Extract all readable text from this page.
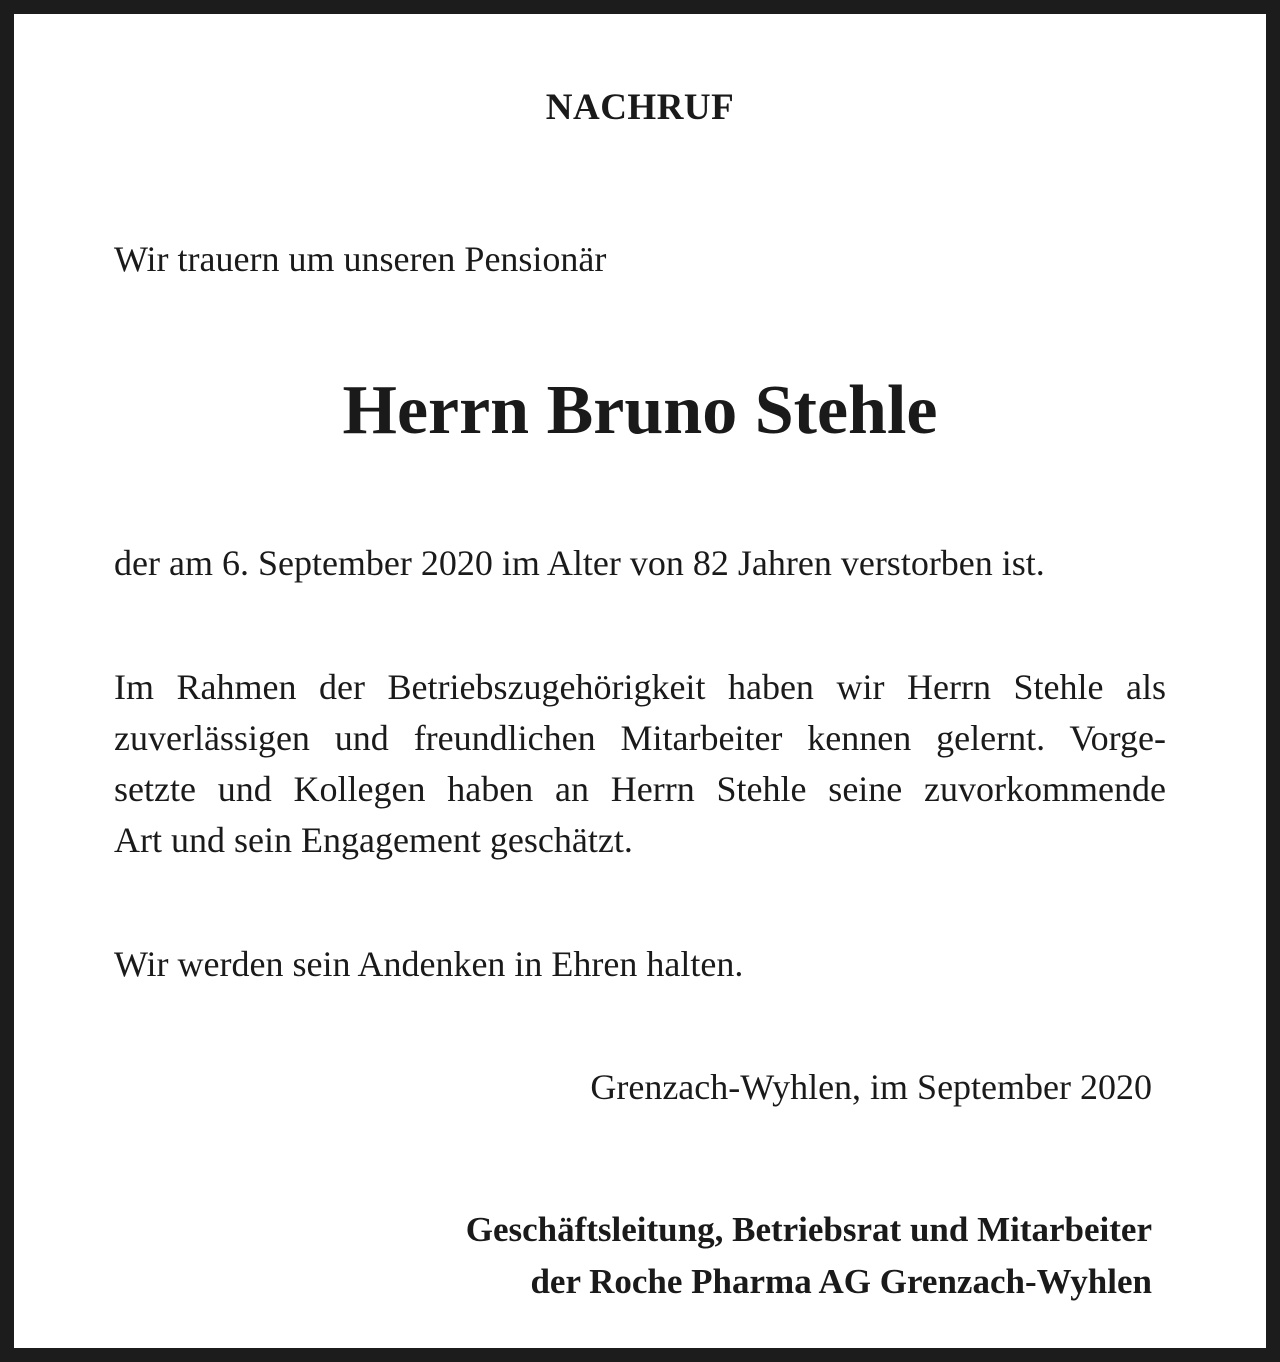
NACHRUF

Wir trauern um unseren Pensionär

Herrn Bruno Stehle

der am 6. September 2020 im Alter von 82 Jahren verstorben ist.

Im Rahmen der Betriebszugehörigkeit haben wir Herrn Stehle als

zuverlässigen und freundlichen Mitarbeiter kennen gelernt. Vorge-

setzte und Kollegen haben an Herrn Stehle seine zuvorkommende

Art und sein Engagement geschätzt.

Wir werden sein Andenken in Ehren halten.

Grenzach-Wyhlen, im September 2020

Geschäftsleitung, Betriebsrat und Mitarbeiter

der Roche Pharma AG Grenzach-Wyhlen
